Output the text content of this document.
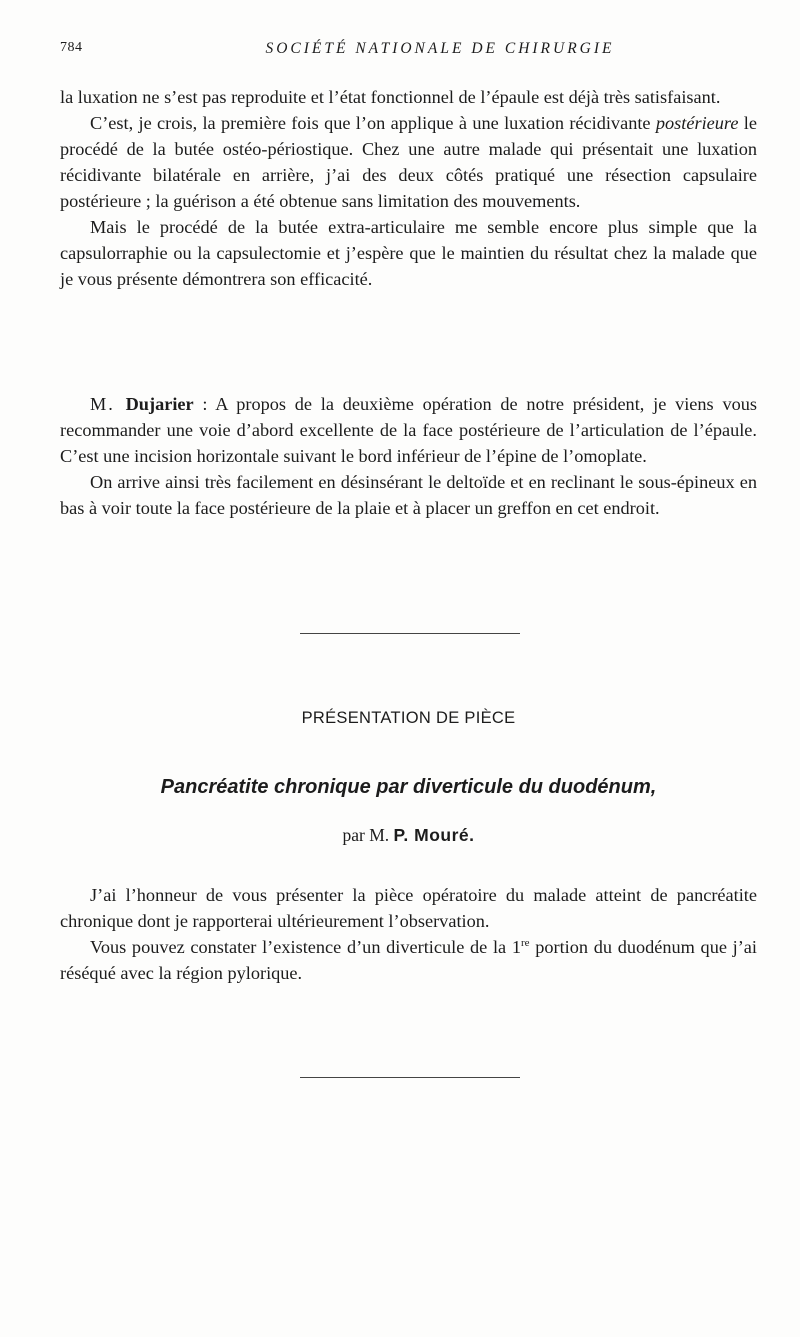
784	SOCIÉTÉ NATIONALE DE CHIRURGIE

la luxation ne s’est pas reproduite et l’état fonctionnel de l’épaule est déjà très satisfaisant.

C’est, je crois, la première fois que l’on applique à une luxation récidivante postérieure le procédé de la butée ostéo-périostique. Chez une autre malade qui présentait une luxation récidivante bilatérale en arrière, j’ai des deux côtés pratiqué une résection capsulaire postérieure ; la guérison a été obtenue sans limitation des mouvements.

Mais le procédé de la butée extra-articulaire me semble encore plus simple que la capsulorraphie ou la capsulectomie et j’espère que le maintien du résultat chez la malade que je vous présente démontrera son efficacité.

M. Dujarier : A propos de la deuxième opération de notre président, je viens vous recommander une voie d’abord excellente de la face postérieure de l’articulation de l’épaule. C’est une incision horizontale suivant le bord inférieur de l’épine de l’omoplate.

On arrive ainsi très facilement en désinsérant le deltoïde et en reclinant le sous-épineux en bas à voir toute la face postérieure de la plaie et à placer un greffon en cet endroit.

PRÉSENTATION DE PIÈCE
Pancréatite chronique par diverticule du duodénum,
par M. P. Mouré.

J’ai l’honneur de vous présenter la pièce opératoire du malade atteint de pancréatite chronique dont je rapporterai ultérieurement l’observation.

Vous pouvez constater l’existence d’un diverticule de la 1re portion du duodénum que j’ai réséqué avec la région pylorique.
